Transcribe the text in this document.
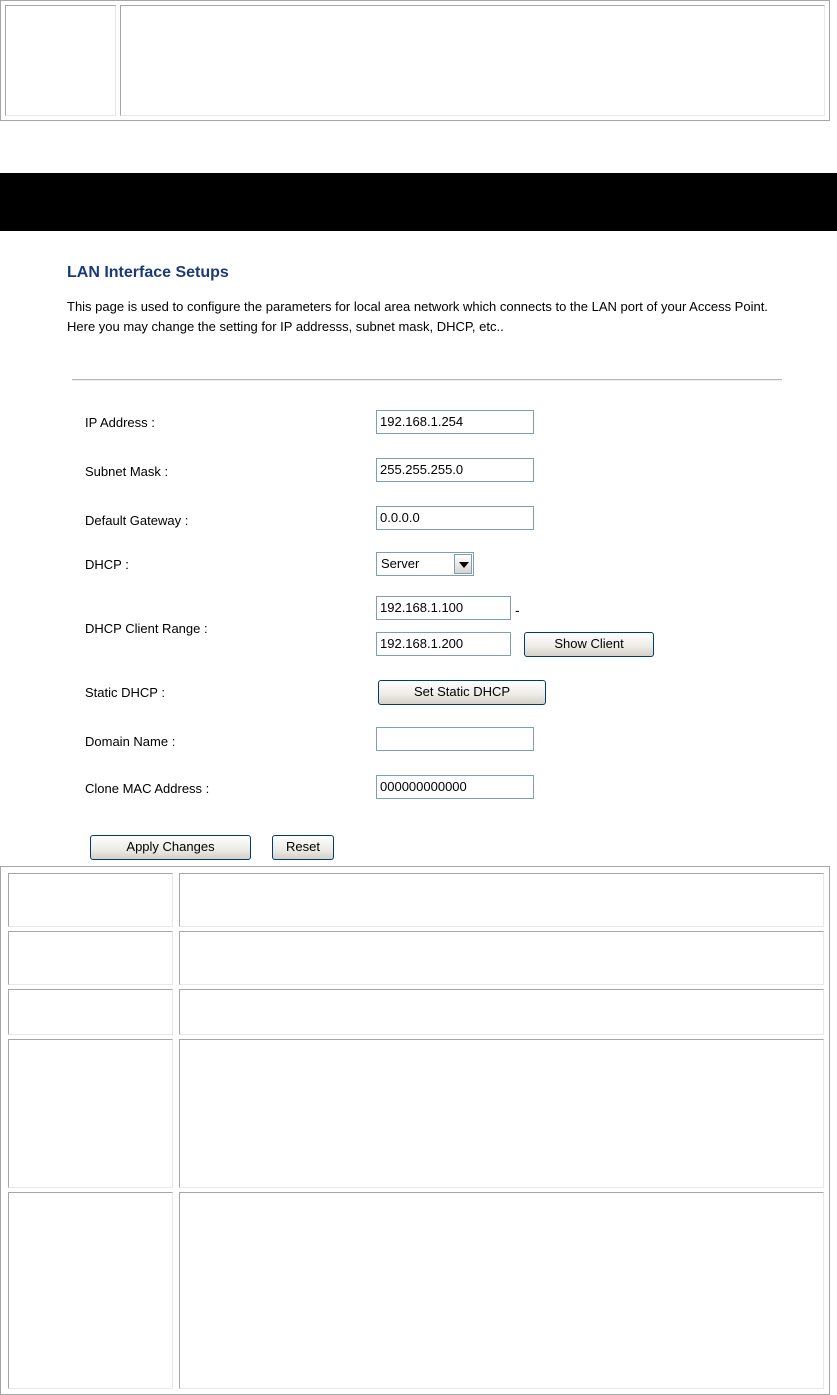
LAN Interface Setups
This page is used to configure the parameters for local area network which connects to the LAN port of your Access Point. Here you may change the setting for IP addresss, subnet mask, DHCP, etc..
IP Address :	192.168.1.254
Subnet Mask :	255.255.255.0
Default Gateway :	0.0.0.0
DHCP :	Server
DHCP Client Range :
192.168.1.100	-
192.168.1.200	Show Client
Static DHCP :	Set Static DHCP
Domain Name :
Clone MAC Address :	000000000000
Apply Changes	Reset
